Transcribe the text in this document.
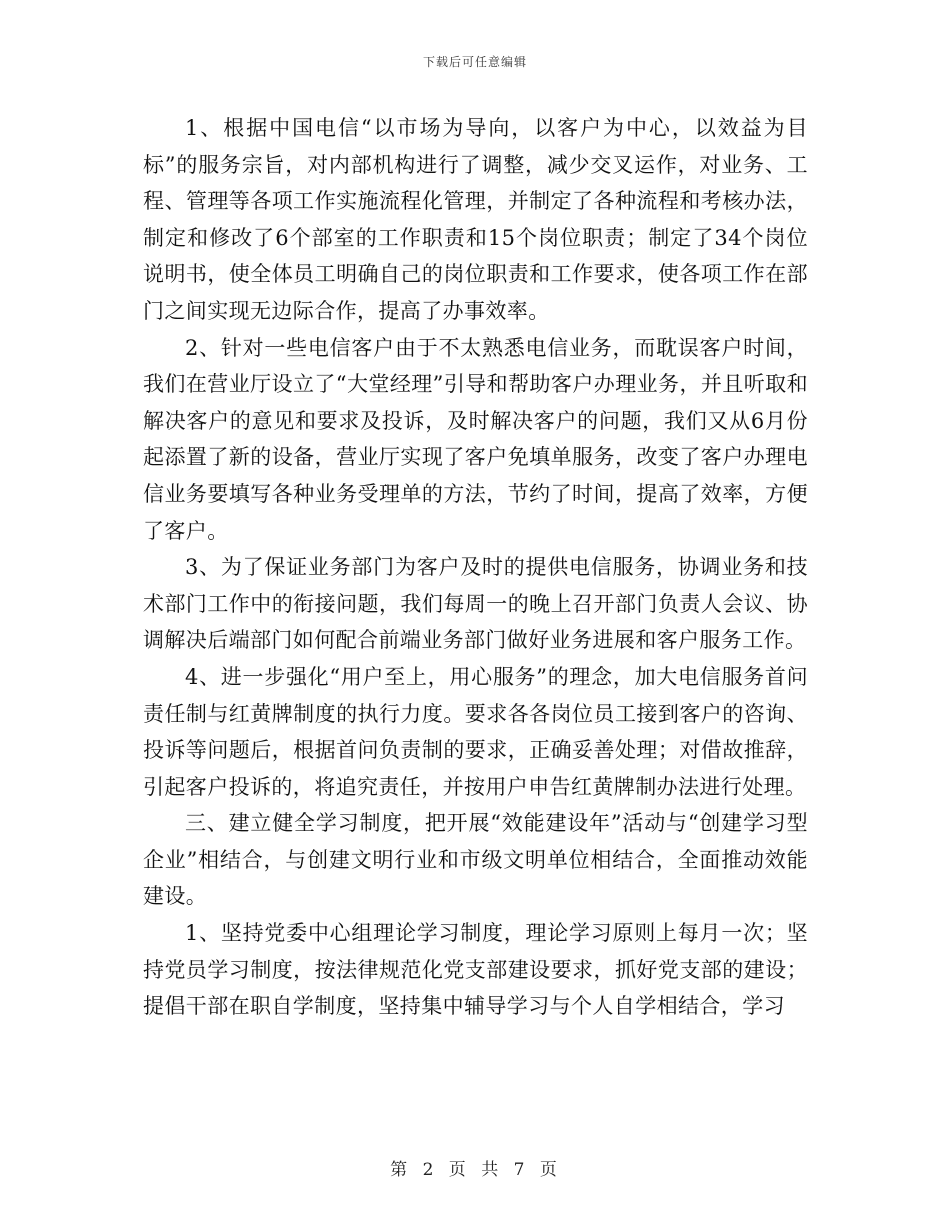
下载后可任意编辑

1、根据中国电信“以市场为导向，以客户为中心，以效益为目标”的服务宗旨，对内部机构进行了调整，减少交叉运作，对业务、工程、管理等各项工作实施流程化管理，并制定了各种流程和考核办法，制定和修改了6个部室的工作职责和15个岗位职责；制定了34个岗位说明书，使全体员工明确自己的岗位职责和工作要求，使各项工作在部门之间实现无边际合作，提高了办事效率。

2、针对一些电信客户由于不太熟悉电信业务，而耽误客户时间，我们在营业厅设立了“大堂经理”引导和帮助客户办理业务，并且听取和解决客户的意见和要求及投诉，及时解决客户的问题，我们又从6月份起添置了新的设备，营业厅实现了客户免填单服务，改变了客户办理电信业务要填写各种业务受理单的方法，节约了时间，提高了效率，方便了客户。

3、为了保证业务部门为客户及时的提供电信服务，协调业务和技术部门工作中的衔接问题，我们每周一的晚上召开部门负责人会议、协调解决后端部门如何配合前端业务部门做好业务进展和客户服务工作。

4、进一步强化“用户至上，用心服务”的理念，加大电信服务首问责任制与红黄牌制度的执行力度。要求各各岗位员工接到客户的咨询、投诉等问题后，根据首问负责制的要求，正确妥善处理；对借故推辞，引起客户投诉的，将追究责任，并按用户申告红黄牌制办法进行处理。

三、建立健全学习制度，把开展“效能建设年”活动与“创建学习型企业”相结合，与创建文明行业和市级文明单位相结合，全面推动效能建设。

1、坚持党委中心组理论学习制度，理论学习原则上每月一次；坚持党员学习制度，按法律规范化党支部建设要求，抓好党支部的建设；提倡干部在职自学制度，坚持集中辅导学习与个人自学相结合，学习

第 2 页 共 7 页
